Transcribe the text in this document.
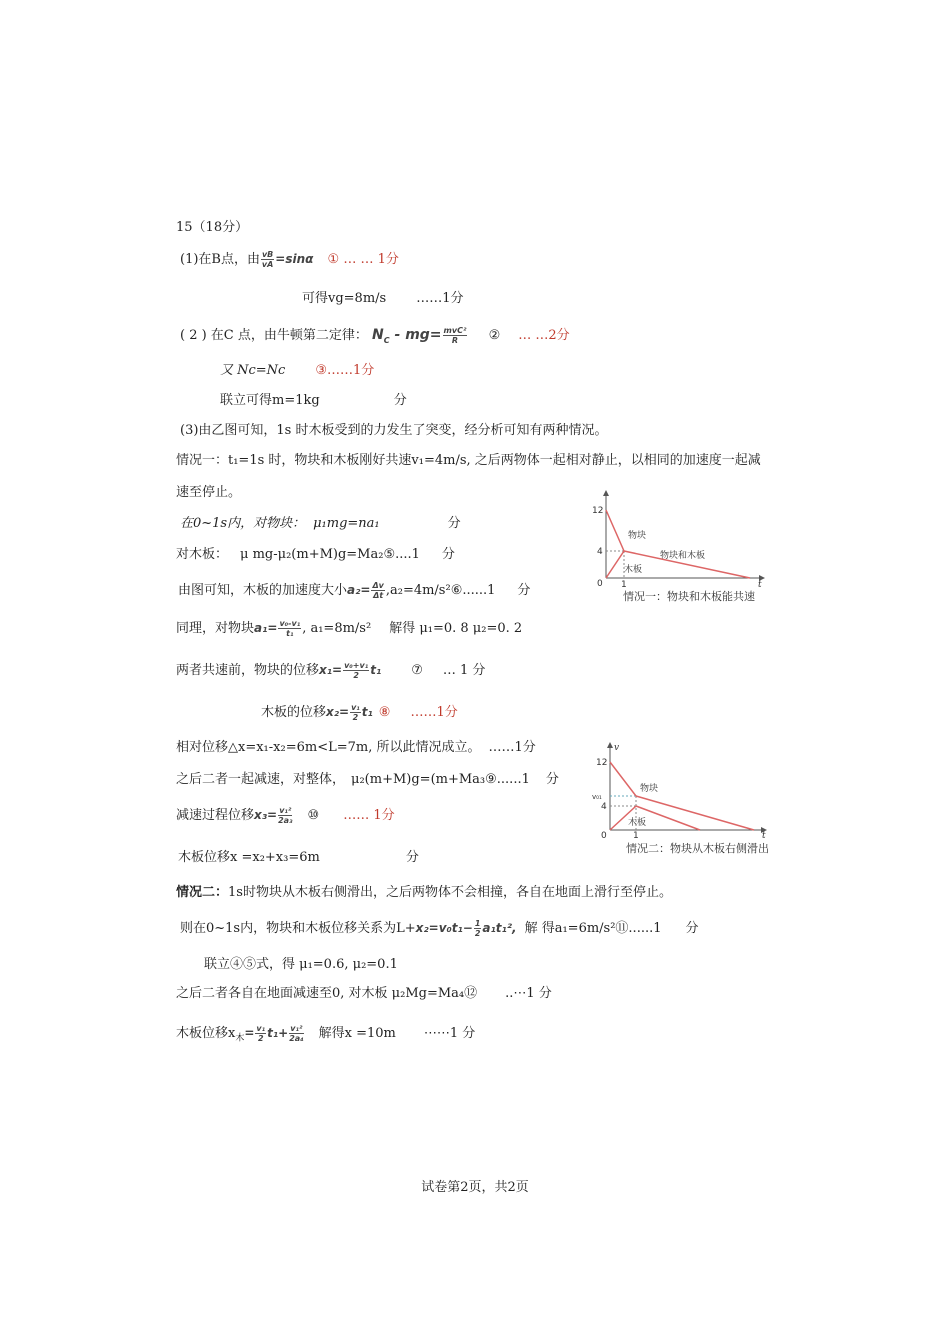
15（18分）
(1)在B点，由 $\frac{vB}{vA} =\sin\alpha$ ① … … 1分
可得vg=8m/s ……1分
( 2 ) 在C 点，由牛顿第二定律： $N_C - mg= \frac{\text{mvC²}}{R}$ ② … …2分
又 Nc=Nc ③……1分
联立可得m=1kg	分
(3)由乙图可知，1s 时木板受到的力发生了突变，经分析可知有两种情况。
情况一：t₁=1s 时，物块和木板刚好共速v₁=4m/s, 之后两物体一起相对静止，以相同的加速度一起减
速至停止。
在0~1s内，对物块： μ₁mg=na₁	分
对木板： μ mg-μ₂(m+M)g=Ma₂⑤....1 分
由图可知，木板的加速度大小$a_2= \frac{\Delta v}{\Delta t}$ ,a₂=4m/s²⑥......1 分
同理，对物块$a_1= \frac{\text{v₀-v₁}}{\text{t₁}}$ , a₁=8m/s² 解得 μ₁=0. 8 μ₂=0. 2
两者共速前，物块的位移$x_1= \frac{\text{v₀+v₁}}{2} t_1$ ⑦ … 1 分
木板的位移$x_2= \frac{\text{v₁}}{2} t_1$ ⑧ ……1分
相对位移△x=x₁-x₂=6m<L=7m, 所以此情况成立。 ……1分
之后二者一起减速，对整体， μ₂(m+M)g=(m+Ma₃⑨......1 分
减速过程位移$x_3= \frac{\text{v₁²}}{\text{2a₃}}$ ⑩ …… 1分
木板位移x =x₂+x₃=6m	分
情况二：1s时物块从木板右侧滑出，之后两物体不会相撞，各自在地面上滑行至停止。
则在0~1s内，物块和木板位移关系为$L+x_2=v_0t_1- \frac{1}{2} a_1t_1^2$, 解 得a₁=6m/s²⑪......1 分
联立④⑤式，得 μ₁=0.6, μ₂=0.1
之后二者各自在地面减速至0, 对木板 μ₂Mg=Ma₄⑫ ..⋯1 分
木板位移$x_木= \frac{\text{v₁}}{2} t_1+ \frac{\text{v₁²}}{\text{2a₄}}$ 解得x =10m ⋯⋯1 分
12
4
0 1	t
物块
木板
物块和木板
情况一：物块和木板能共速
v
12
v₀₁
4
0	1	t
物块
木板
情况二：物块从木板右侧滑出
试卷第2页，共2页
